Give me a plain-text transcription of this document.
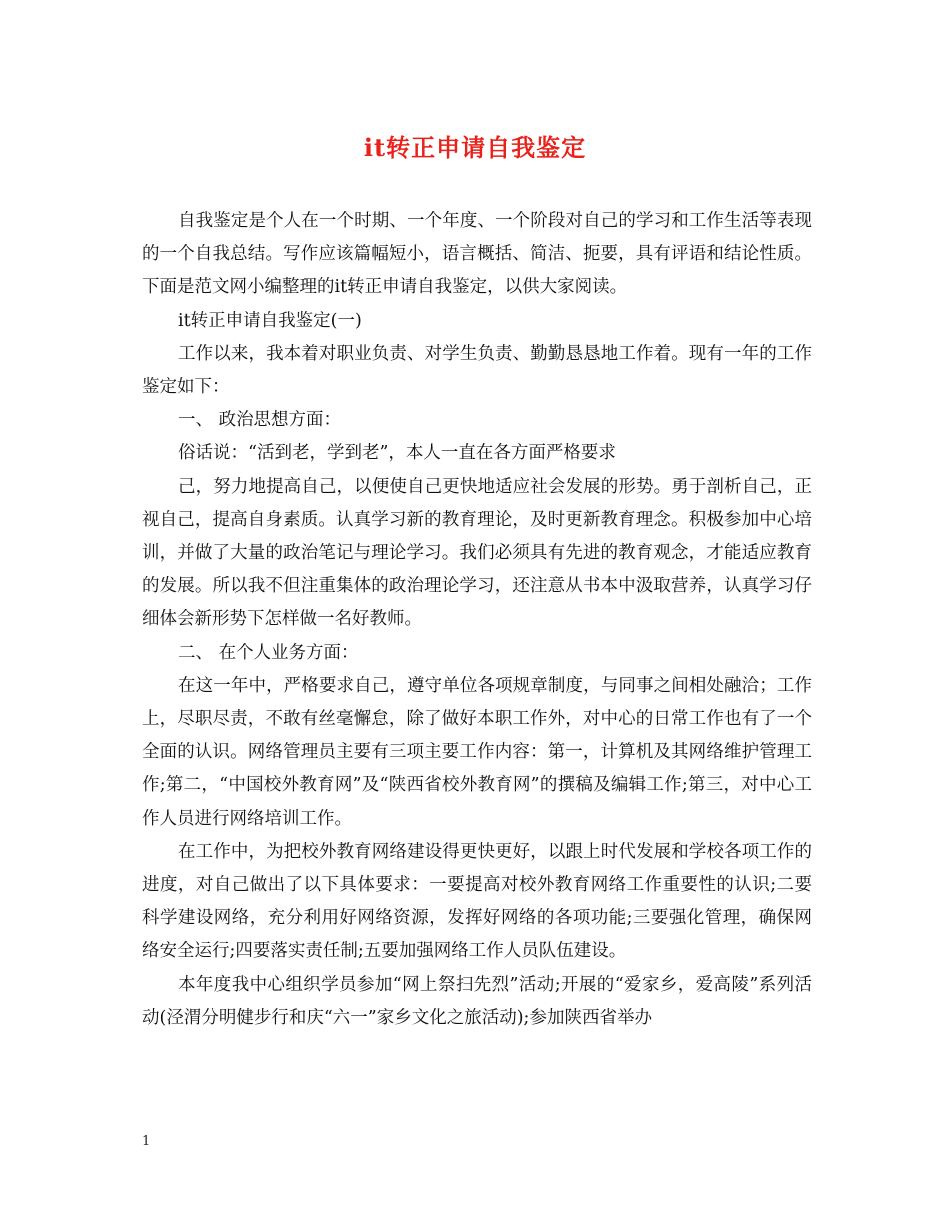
it转正申请自我鉴定

自我鉴定是个人在一个时期、一个年度、一个阶段对自己的学习和工作生活等表现的一个自我总结。写作应该篇幅短小，语言概括、简洁、扼要，具有评语和结论性质。下面是范文网小编整理的it转正申请自我鉴定，以供大家阅读。

it转正申请自我鉴定(一)

工作以来，我本着对职业负责、对学生负责、勤勤恳恳地工作着。现有一年的工作鉴定如下：

一、 政治思想方面：

俗话说：“活到老，学到老”，本人一直在各方面严格要求

己，努力地提高自己，以便使自己更快地适应社会发展的形势。勇于剖析自己，正视自己，提高自身素质。认真学习新的教育理论，及时更新教育理念。积极参加中心培训，并做了大量的政治笔记与理论学习。我们必须具有先进的教育观念，才能适应教育的发展。所以我不但注重集体的政治理论学习，还注意从书本中汲取营养，认真学习仔细体会新形势下怎样做一名好教师。

二、 在个人业务方面：

在这一年中，严格要求自己，遵守单位各项规章制度，与同事之间相处融洽；工作上，尽职尽责，不敢有丝毫懈怠，除了做好本职工作外，对中心的日常工作也有了一个全面的认识。网络管理员主要有三项主要工作内容：第一，计算机及其网络维护管理工作;第二，“中国校外教育网”及“陕西省校外教育网”的撰稿及编辑工作;第三，对中心工作人员进行网络培训工作。

在工作中，为把校外教育网络建设得更快更好，以跟上时代发展和学校各项工作的进度，对自己做出了以下具体要求：一要提高对校外教育网络工作重要性的认识;二要科学建设网络，充分利用好网络资源，发挥好网络的各项功能;三要强化管理，确保网络安全运行;四要落实责任制;五要加强网络工作人员队伍建设。

本年度我中心组织学员参加“网上祭扫先烈”活动;开展的“爱家乡，爱高陵”系列活动(泾渭分明健步行和庆“六一”家乡文化之旅活动);参加陕西省举办

1
